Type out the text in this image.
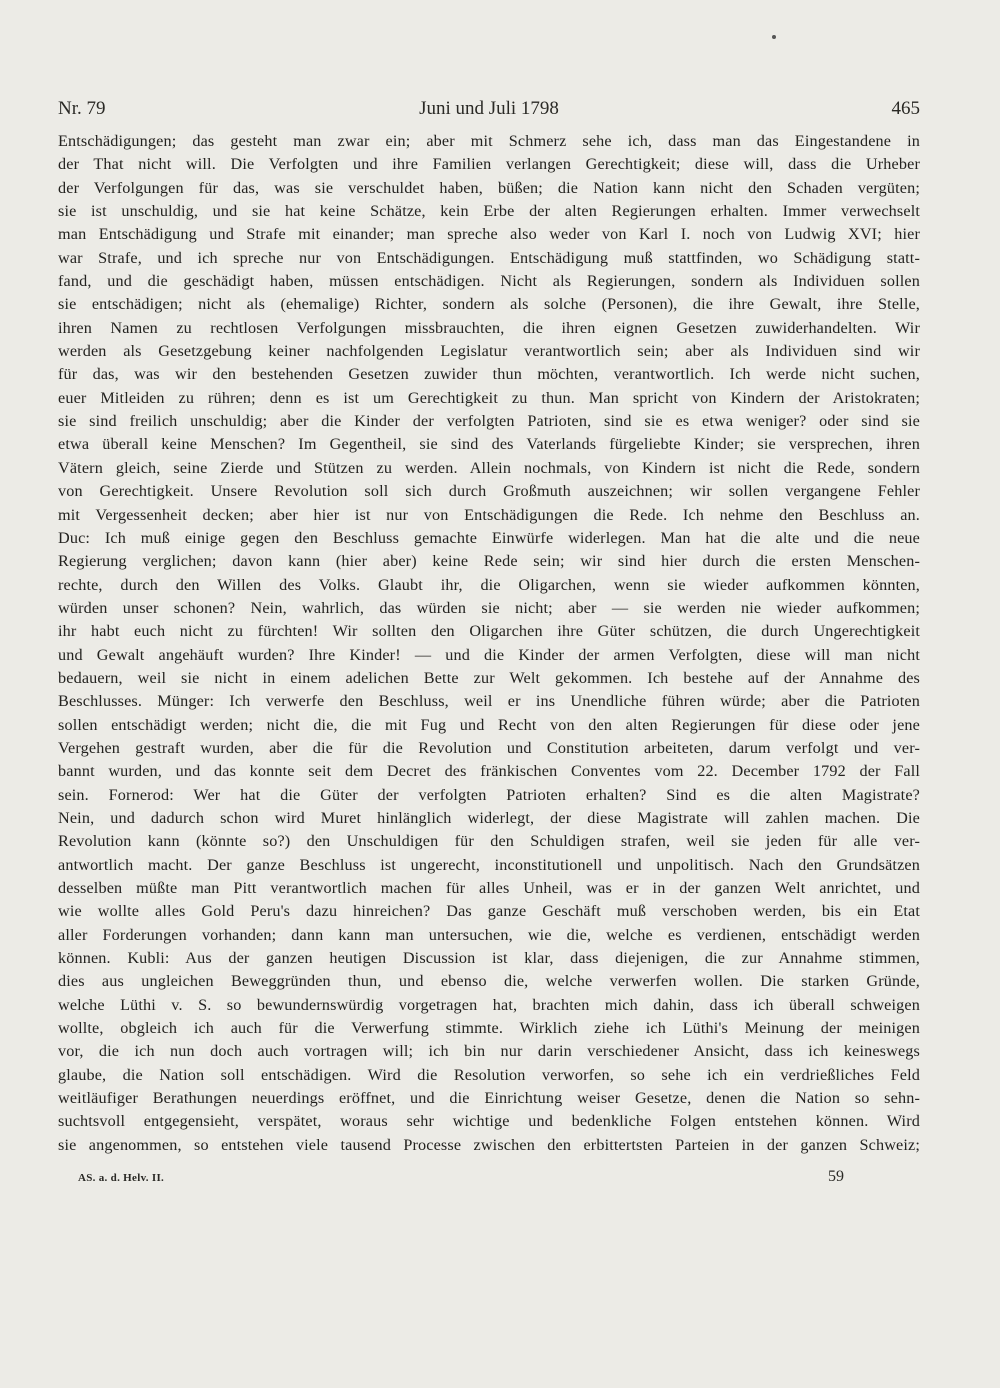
Nr. 79	Juni und Juli 1798	465

Entschädigungen; das gesteht man zwar ein; aber mit Schmerz sehe ich, dass man das Eingestandene in

der That nicht will. Die Verfolgten und ihre Familien verlangen Gerechtigkeit; diese will, dass die Urheber

der Verfolgungen für das, was sie verschuldet haben, büßen; die Nation kann nicht den Schaden vergüten;

sie ist unschuldig, und sie hat keine Schätze, kein Erbe der alten Regierungen erhalten. Immer verwechselt

man Entschädigung und Strafe mit einander; man spreche also weder von Karl I. noch von Ludwig XVI; hier

war Strafe, und ich spreche nur von Entschädigungen. Entschädigung muß stattfinden, wo Schädigung statt-

fand, und die geschädigt haben, müssen entschädigen. Nicht als Regierungen, sondern als Individuen sollen

sie entschädigen; nicht als (ehemalige) Richter, sondern als solche (Personen), die ihre Gewalt, ihre Stelle,

ihren Namen zu rechtlosen Verfolgungen missbrauchten, die ihren eignen Gesetzen zuwiderhandelten. Wir

werden als Gesetzgebung keiner nachfolgenden Legislatur verantwortlich sein; aber als Individuen sind wir

für das, was wir den bestehenden Gesetzen zuwider thun möchten, verantwortlich. Ich werde nicht suchen,

euer Mitleiden zu rühren; denn es ist um Gerechtigkeit zu thun. Man spricht von Kindern der Aristokraten;

sie sind freilich unschuldig; aber die Kinder der verfolgten Patrioten, sind sie es etwa weniger? oder sind sie

etwa überall keine Menschen? Im Gegentheil, sie sind des Vaterlands fürgeliebte Kinder; sie versprechen, ihren

Vätern gleich, seine Zierde und Stützen zu werden. Allein nochmals, von Kindern ist nicht die Rede, sondern

von Gerechtigkeit. Unsere Revolution soll sich durch Großmuth auszeichnen; wir sollen vergangene Fehler

mit Vergessenheit decken; aber hier ist nur von Entschädigungen die Rede. Ich nehme den Beschluss an.

Duc: Ich muß einige gegen den Beschluss gemachte Einwürfe widerlegen. Man hat die alte und die neue

Regierung verglichen; davon kann (hier aber) keine Rede sein; wir sind hier durch die ersten Menschen-

rechte, durch den Willen des Volks. Glaubt ihr, die Oligarchen, wenn sie wieder aufkommen könnten,

würden unser schonen? Nein, wahrlich, das würden sie nicht; aber — sie werden nie wieder aufkommen;

ihr habt euch nicht zu fürchten! Wir sollten den Oligarchen ihre Güter schützen, die durch Ungerechtigkeit

und Gewalt angehäuft wurden? Ihre Kinder! — und die Kinder der armen Verfolgten, diese will man nicht

bedauern, weil sie nicht in einem adelichen Bette zur Welt gekommen. Ich bestehe auf der Annahme des

Beschlusses. Münger: Ich verwerfe den Beschluss, weil er ins Unendliche führen würde; aber die Patrioten

sollen entschädigt werden; nicht die, die mit Fug und Recht von den alten Regierungen für diese oder jene

Vergehen gestraft wurden, aber die für die Revolution und Constitution arbeiteten, darum verfolgt und ver-

bannt wurden, und das konnte seit dem Decret des fränkischen Conventes vom 22. December 1792 der Fall

sein. Fornerod: Wer hat die Güter der verfolgten Patrioten erhalten? Sind es die alten Magistrate?

Nein, und dadurch schon wird Muret hinlänglich widerlegt, der diese Magistrate will zahlen machen. Die

Revolution kann (könnte so?) den Unschuldigen für den Schuldigen strafen, weil sie jeden für alle ver-

antwortlich macht. Der ganze Beschluss ist ungerecht, inconstitutionell und unpolitisch. Nach den Grundsätzen

desselben müßte man Pitt verantwortlich machen für alles Unheil, was er in der ganzen Welt anrichtet, und

wie wollte alles Gold Peru's dazu hinreichen? Das ganze Geschäft muß verschoben werden, bis ein Etat

aller Forderungen vorhanden; dann kann man untersuchen, wie die, welche es verdienen, entschädigt werden

können. Kubli: Aus der ganzen heutigen Discussion ist klar, dass diejenigen, die zur Annahme stimmen,

dies aus ungleichen Beweggründen thun, und ebenso die, welche verwerfen wollen. Die starken Gründe,

welche Lüthi v. S. so bewundernswürdig vorgetragen hat, brachten mich dahin, dass ich überall schweigen

wollte, obgleich ich auch für die Verwerfung stimmte. Wirklich ziehe ich Lüthi's Meinung der meinigen

vor, die ich nun doch auch vortragen will; ich bin nur darin verschiedener Ansicht, dass ich keineswegs

glaube, die Nation soll entschädigen. Wird die Resolution verworfen, so sehe ich ein verdrießliches Feld

weitläufiger Berathungen neuerdings eröffnet, und die Einrichtung weiser Gesetze, denen die Nation so sehn-

suchtsvoll entgegensieht, verspätet, woraus sehr wichtige und bedenkliche Folgen entstehen können. Wird

sie angenommen, so entstehen viele tausend Processe zwischen den erbittertsten Parteien in der ganzen Schweiz;

AS. a. d. Helv. II.	59
